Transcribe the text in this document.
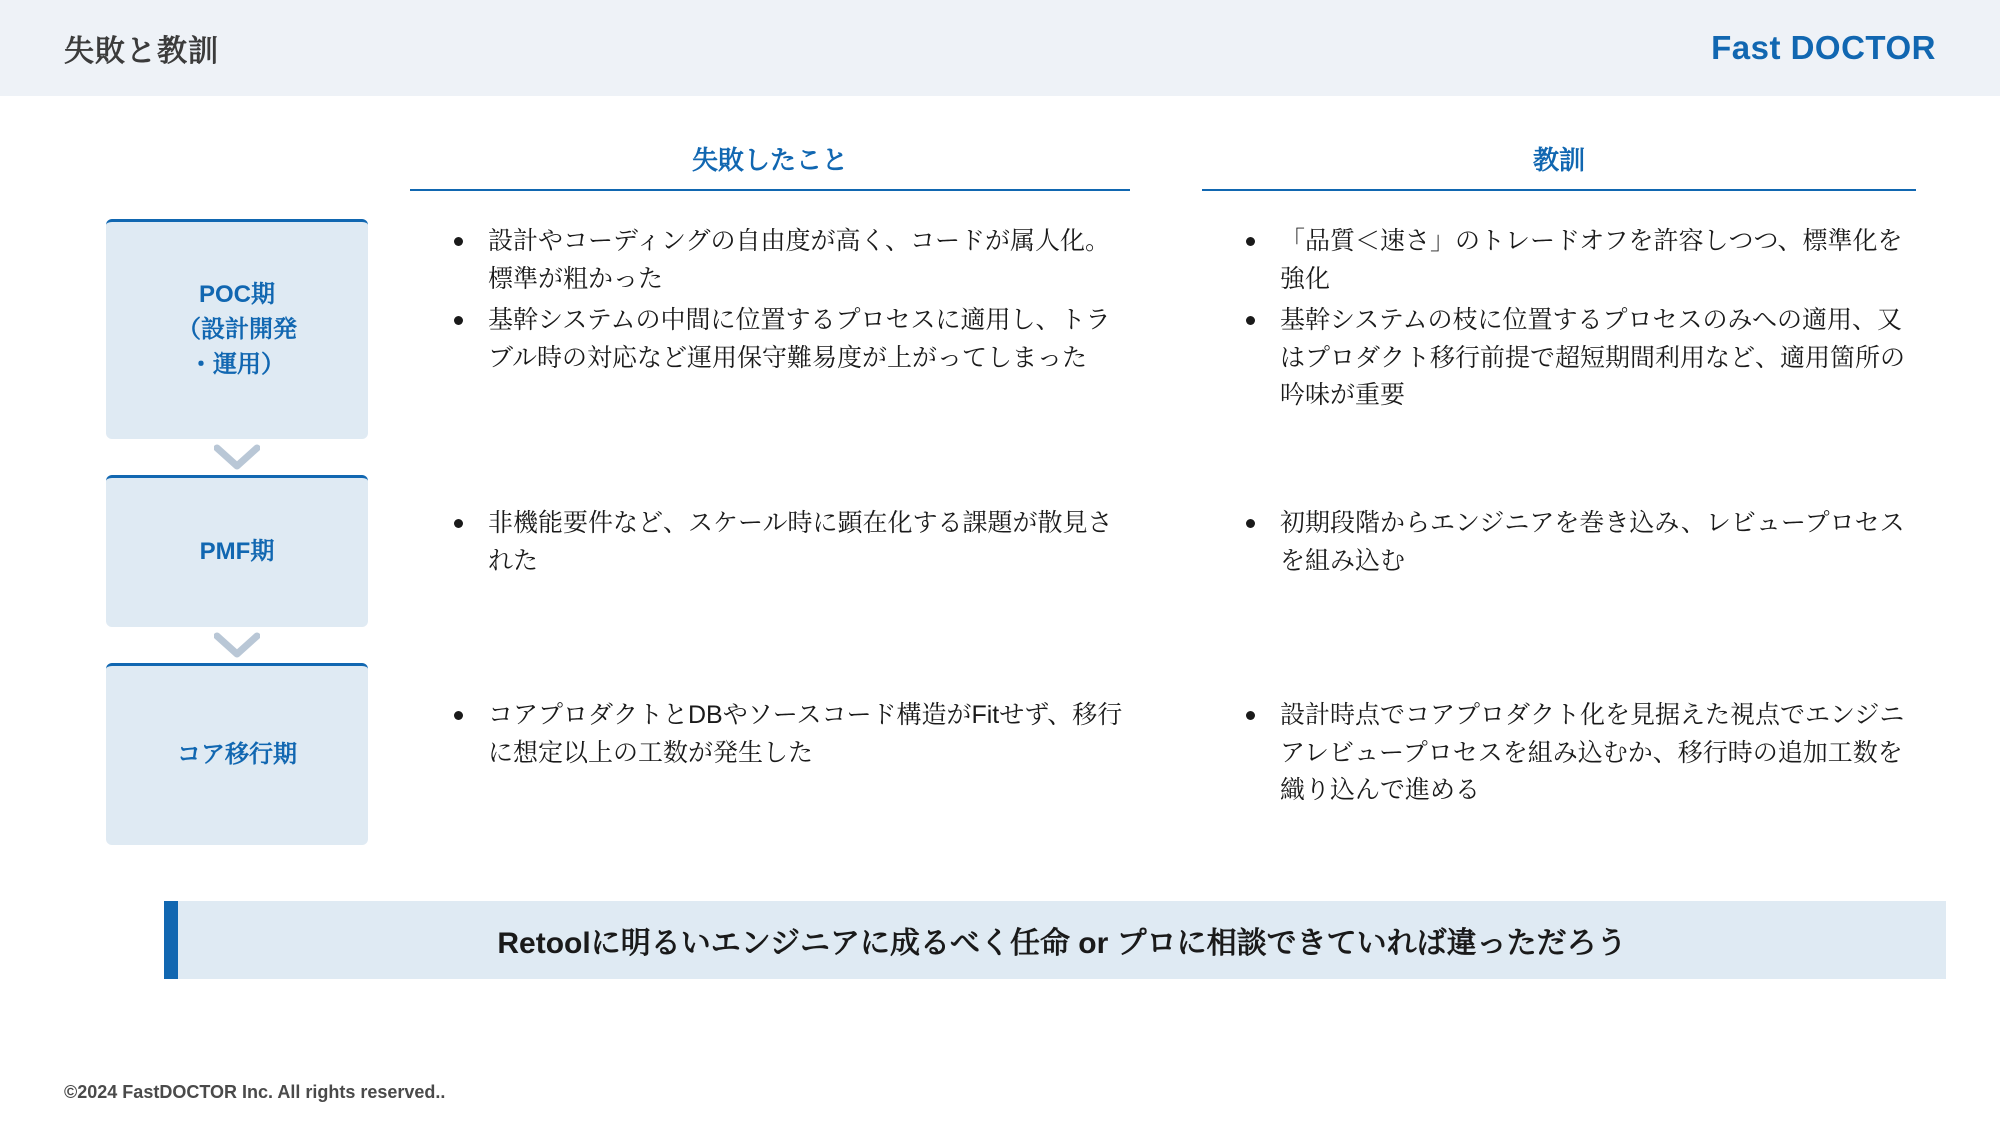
失敗と教訓	Fast DOCTOR
失敗したこと	教訓
POC期
（設計開発
・運用）
PMF期
コア移行期
設計やコーディングの自由度が高く、コードが属人化。標準が粗かった
基幹システムの中間に位置するプロセスに適用し、トラブル時の対応など運用保守難易度が上がってしまった
非機能要件など、スケール時に顕在化する課題が散見された
コアプロダクトとDBやソースコード構造がFitせず、移行に想定以上の工数が発生した
「品質＜速さ」のトレードオフを許容しつつ、標準化を強化
基幹システムの枝に位置するプロセスのみへの適用、又はプロダクト移行前提で超短期間利用など、適用箇所の吟味が重要
初期段階からエンジニアを巻き込み、レビュープロセスを組み込む
設計時点でコアプロダクト化を見据えた視点でエンジニアレビュープロセスを組み込むか、移行時の追加工数を織り込んで進める
Retoolに明るいエンジニアに成るべく任命 or プロに相談できていれば違っただろう
©2024 FastDOCTOR Inc. All rights reserved..
